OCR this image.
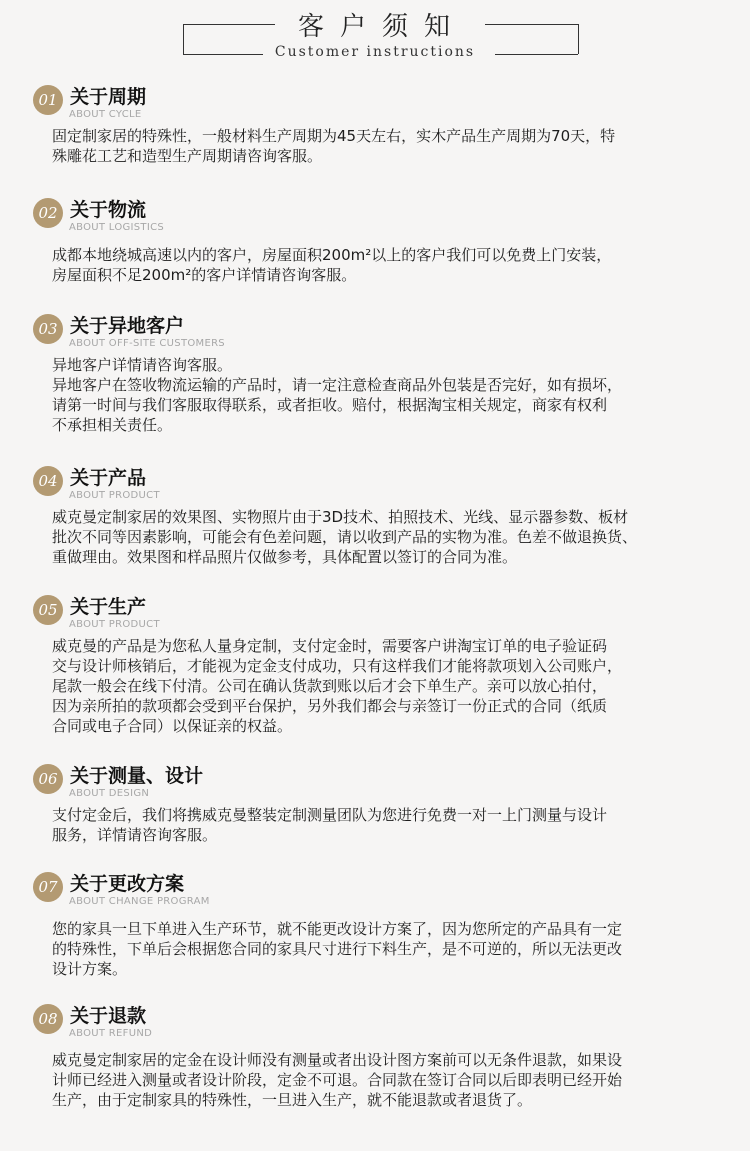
客户须知
Customer instructions
01 关于周期
ABOUT CYCLE

固定制家居的特殊性，一般材料生产周期为45天左右，实木产品生产周期为70天，特

殊雕花工艺和造型生产周期请咨询客服。

02 关于物流
ABOUT LOGISTICS

成都本地绕城高速以内的客户，房屋面积200m²以上的客户我们可以免费上门安装，

房屋面积不足200m²的客户详情请咨询客服。

03 关于异地客户
ABOUT OFF-SITE CUSTOMERS

异地客户详情请咨询客服。

异地客户在签收物流运输的产品时，请一定注意检查商品外包装是否完好，如有损坏，

请第一时间与我们客服取得联系，或者拒收。赔付，根据淘宝相关规定，商家有权利

不承担相关责任。

04 关于产品
ABOUT PRODUCT

威克曼定制家居的效果图、实物照片由于3D技术、拍照技术、光线、显示器参数、板材

批次不同等因素影响，可能会有色差问题，请以收到产品的实物为准。色差不做退换货、

重做理由。效果图和样品照片仅做参考，具体配置以签订的合同为准。

05 关于生产
ABOUT PRODUCT

威克曼的产品是为您私人量身定制，支付定金时，需要客户讲淘宝订单的电子验证码

交与设计师核销后，才能视为定金支付成功，只有这样我们才能将款项划入公司账户，

尾款一般会在线下付清。公司在确认货款到账以后才会下单生产。亲可以放心拍付，

因为亲所拍的款项都会受到平台保护，另外我们都会与亲签订一份正式的合同（纸质

合同或电子合同）以保证亲的权益。

06 关于测量、设计
ABOUT DESIGN

支付定金后，我们将携威克曼整装定制测量团队为您进行免费一对一上门测量与设计

服务，详情请咨询客服。

07 关于更改方案
ABOUT CHANGE PROGRAM

您的家具一旦下单进入生产环节，就不能更改设计方案了，因为您所定的产品具有一定

的特殊性，下单后会根据您合同的家具尺寸进行下料生产，是不可逆的，所以无法更改

设计方案。

08 关于退款
ABOUT REFUND

威克曼定制家居的定金在设计师没有测量或者出设计图方案前可以无条件退款，如果设

计师已经进入测量或者设计阶段，定金不可退。合同款在签订合同以后即表明已经开始

生产，由于定制家具的特殊性，一旦进入生产，就不能退款或者退货了。
